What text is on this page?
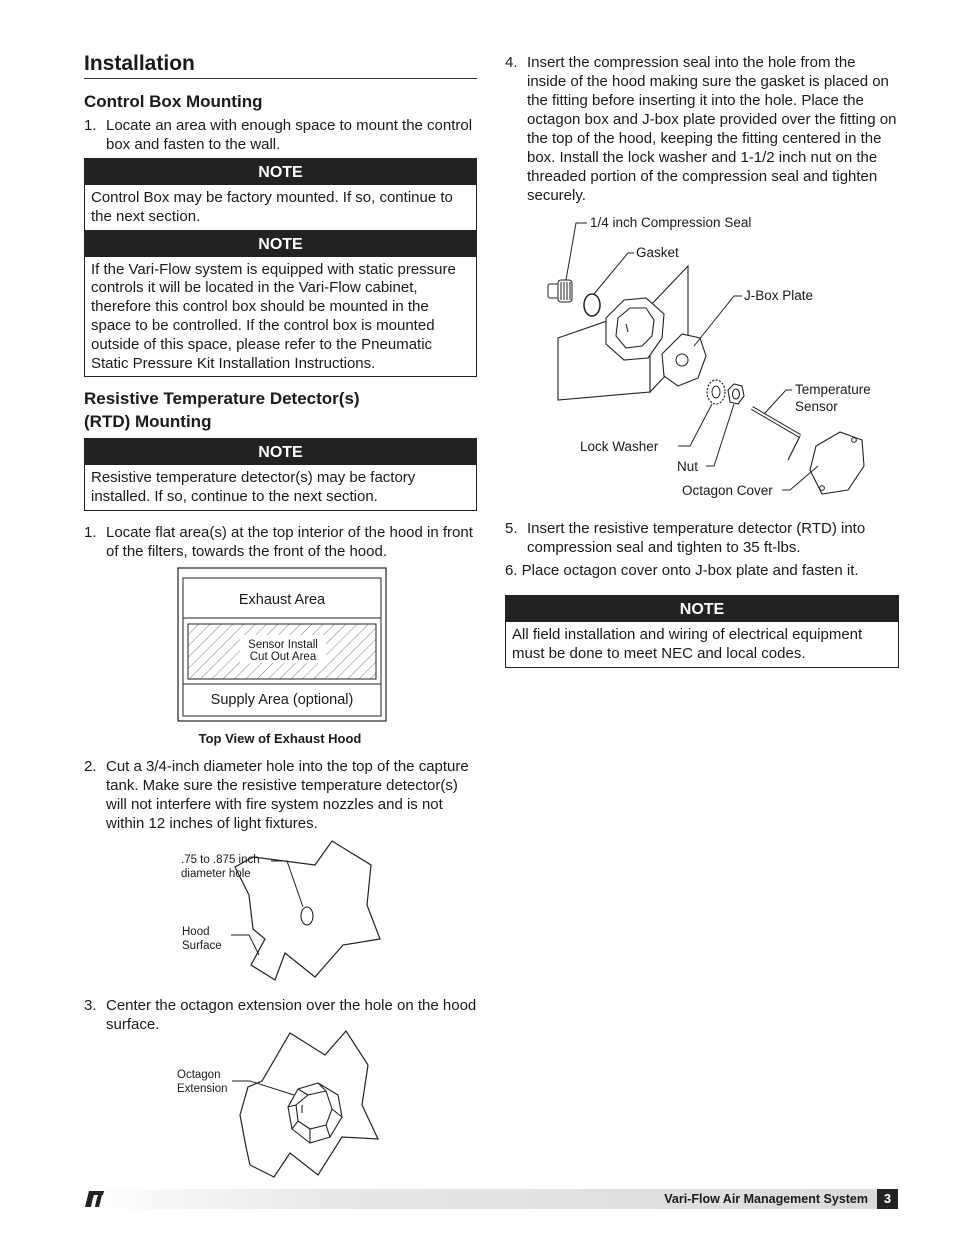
Installation
Control Box Mounting
1. Locate an area with enough space to mount the control box and fasten to the wall.
NOTE
Control Box may be factory mounted. If so, continue to the next section.
NOTE
If the Vari-Flow system is equipped with static pressure controls it will be located in the Vari-Flow cabinet, therefore this control box should be mounted in the space to be controlled. If the control box is mounted outside of this space, please refer to the Pneumatic Static Pressure Kit Installation Instructions.
Resistive Temperature Detector(s)
(RTD) Mounting
NOTE
Resistive temperature detector(s) may be factory installed. If so, continue to the next section.
1. Locate flat area(s) at the top interior of the hood in front of the filters, towards the front of the hood.
Exhaust Area
Sensor Install
Cut Out Area
Supply Area (optional)
Top View of Exhaust Hood
2. Cut a 3/4-inch diameter hole into the top of the capture tank. Make sure the resistive temperature detector(s) will not interfere with fire system nozzles and is not within 12 inches of light fixtures.
.75 to .875 inch
diameter hole
Hood
Surface
3. Center the octagon extension over the hole on the hood surface.
Octagon
Extension
4. Insert the compression seal into the hole from the inside of the hood making sure the gasket is placed on the fitting before inserting it into the hole. Place the octagon box and J-box plate provided over the fitting on the top of the hood, keeping the fitting centered in the box. Install the lock washer and 1-1/2 inch nut on the threaded portion of the compression seal and tighten securely.
1/4 inch Compression Seal
Gasket
J-Box Plate
Temperature
Sensor
Lock Washer
Nut
Octagon Cover
5. Insert the resistive temperature detector (RTD) into compression seal and tighten to 35 ft-lbs.
6. Place octagon cover onto J-box plate and fasten it.
NOTE
All field installation and wiring of electrical equipment must be done to meet NEC and local codes.
Vari-Flow Air Management System	3
